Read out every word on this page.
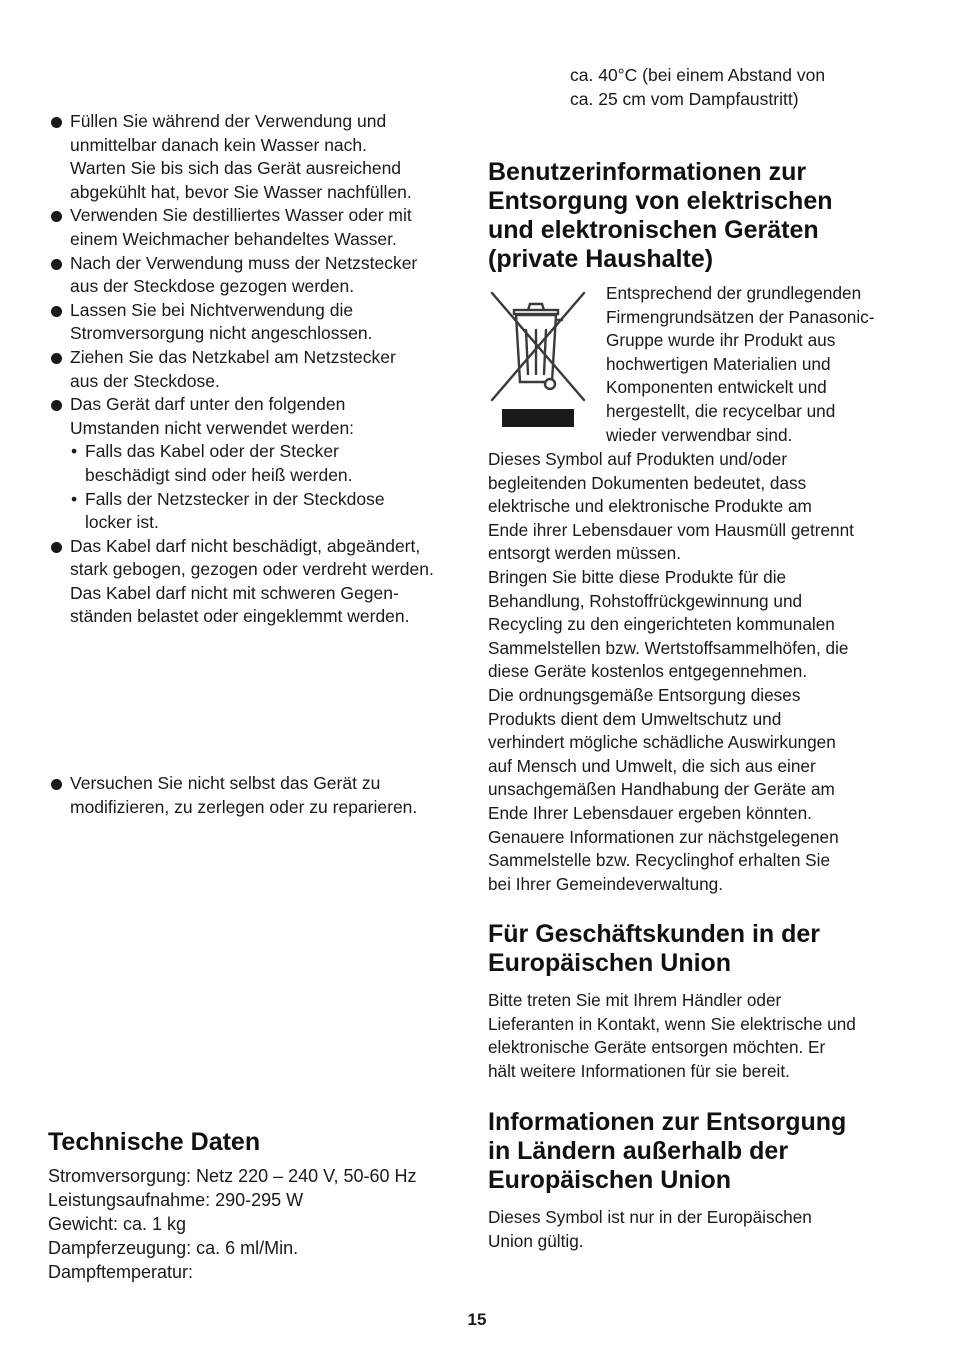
Füllen Sie während der Verwendung und
unmittelbar danach kein Wasser nach.
Warten Sie bis sich das Gerät ausreichend
abgekühlt hat, bevor Sie Wasser nachfüllen.
Verwenden Sie destilliertes Wasser oder mit
einem Weichmacher behandeltes Wasser.
Nach der Verwendung muss der Netzstecker
aus der Steckdose gezogen werden.
Lassen Sie bei Nichtverwendung die
Stromversorgung nicht angeschlossen.
Ziehen Sie das Netzkabel am Netzstecker
aus der Steckdose.
Das Gerät darf unter den folgenden
Umstanden nicht verwendet werden:
• Falls das Kabel oder der Stecker
beschädigt sind oder heiß werden.
• Falls der Netzstecker in der Steckdose
locker ist.
Das Kabel darf nicht beschädigt, abgeändert,
stark gebogen, gezogen oder verdreht werden.
Das Kabel darf nicht mit schweren Gegen-
ständen belastet oder eingeklemmt werden.
Versuchen Sie nicht selbst das Gerät zu
modifizieren, zu zerlegen oder zu reparieren.
Technische Daten
Stromversorgung: Netz 220 – 240 V, 50-60 Hz
Leistungsaufnahme: 290-295 W
Gewicht: ca. 1 kg
Dampferzeugung: ca. 6 ml/Min.
Dampftemperatur:
ca. 40°C (bei einem Abstand von
ca. 25 cm vom Dampfaustritt)
Benutzerinformationen zur
Entsorgung von elektrischen
und elektronischen Geräten
(private Haushalte)
Entsprechend der grundlegenden
Firmengrundsätzen der Panasonic-
Gruppe wurde ihr Produkt aus
hochwertigen Materialien und
Komponenten entwickelt und
hergestellt, die recycelbar und
wieder verwendbar sind.
Dieses Symbol auf Produkten und/oder
begleitenden Dokumenten bedeutet, dass
elektrische und elektronische Produkte am
Ende ihrer Lebensdauer vom Hausmüll getrennt
entsorgt werden müssen.
Bringen Sie bitte diese Produkte für die
Behandlung, Rohstoffrückgewinnung und
Recycling zu den eingerichteten kommunalen
Sammelstellen bzw. Wertstoffsammelhöfen, die
diese Geräte kostenlos entgegennehmen.
Die ordnungsgemäße Entsorgung dieses
Produkts dient dem Umweltschutz und
verhindert mögliche schädliche Auswirkungen
auf Mensch und Umwelt, die sich aus einer
unsachgemäßen Handhabung der Geräte am
Ende Ihrer Lebensdauer ergeben könnten.
Genauere Informationen zur nächstgelegenen
Sammelstelle bzw. Recyclinghof erhalten Sie
bei Ihrer Gemeindeverwaltung.
Für Geschäftskunden in der
Europäischen Union
Bitte treten Sie mit Ihrem Händler oder
Lieferanten in Kontakt, wenn Sie elektrische und
elektronische Geräte entsorgen möchten. Er
hält weitere Informationen für sie bereit.
Informationen zur Entsorgung
in Ländern außerhalb der
Europäischen Union
Dieses Symbol ist nur in der Europäischen
Union gültig.
15
